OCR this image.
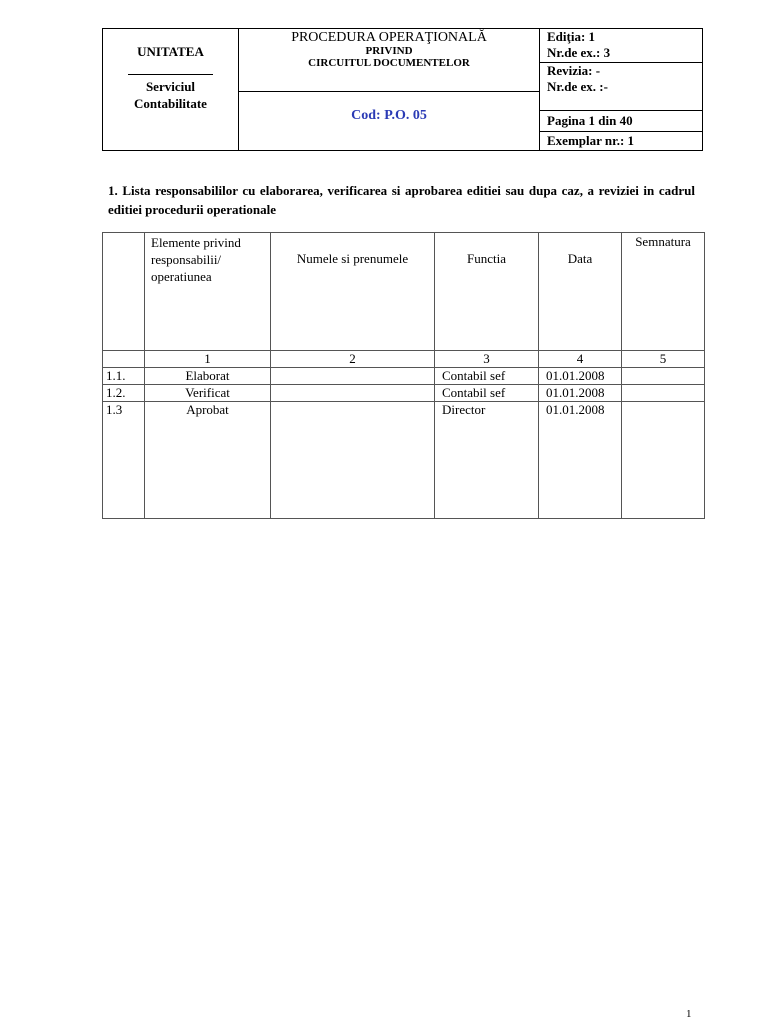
UNITATEA
Serviciul
Contabilitate
PROCEDURA OPERAŢIONALĂ
PRIVIND
CIRCUITUL DOCUMENTELOR
Cod: P.O. 05
Ediţia: 1
Nr.de ex.: 3
Revizia: -
Nr.de ex. :-
Pagina 1 din 40
Exemplar nr.: 1
1. Lista responsabililor cu elaborarea, verificarea si aprobarea editiei sau dupa caz, a reviziei in cadrul editiei procedurii operationale
	Elemente privind responsabilii/ operatiunea	Numele si prenumele	Functia	Data	Semnatura
	1	2	3	4	5
1.1.	Elaborat		Contabil sef	01.01.2008	
1.2.	Verificat		Contabil sef	01.01.2008	
1.3	Aprobat		Director	01.01.2008	
1
